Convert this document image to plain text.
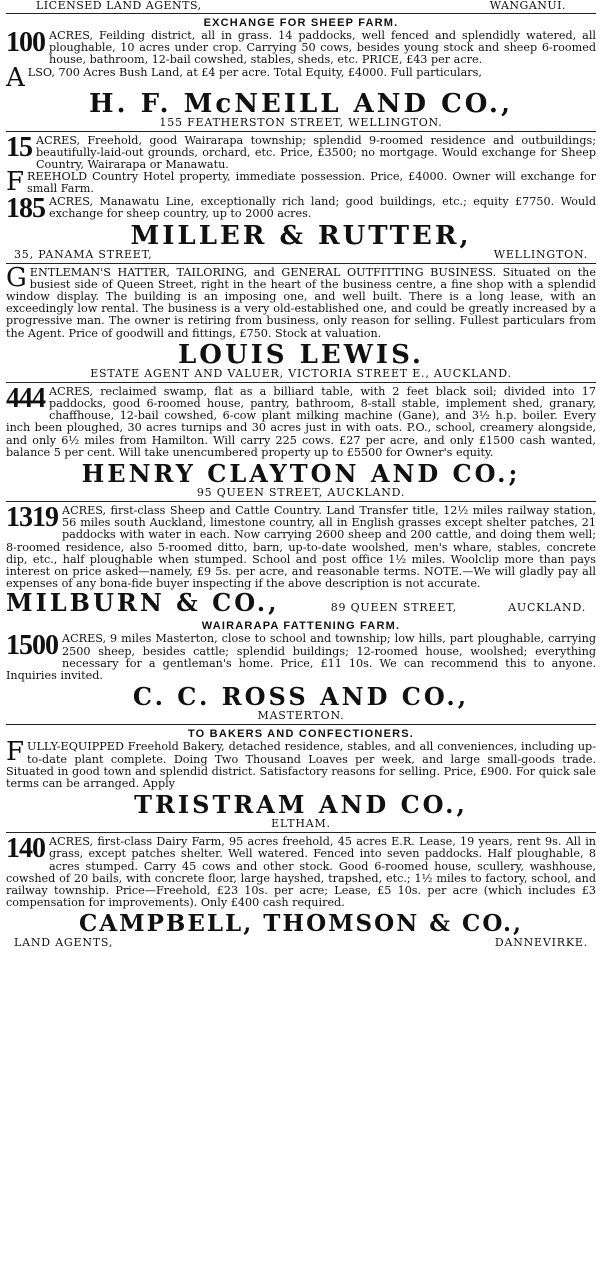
LICENSED LAND AGENTS,	WANGANUI.
EXCHANGE FOR SHEEP FARM.
100 ACRES, Feilding district, all in grass. 14 paddocks, well fenced and splendidly watered, all ploughable, 10 acres under crop. Carrying 50 cows, besides young stock and sheep 6-roomed house, bathroom, 12-bail cowshed, stables, sheds, etc. PRICE, £43 per acre.
A LSO, 700 Acres Bush Land, at £4 per acre. Total Equity, £4000. Full particulars,
H. F. McNEILL AND CO.,
155 FEATHERSTON STREET, WELLINGTON.
15 ACRES, Freehold, good Wairarapa township; splendid 9-roomed residence and outbuildings; beautifully-laid-out grounds, orchard, etc. Price, £3500; no mortgage. Would exchange for Sheep Country, Wairarapa or Manawatu.
F REEHOLD Country Hotel property, immediate possession. Price, £4000. Owner will exchange for small Farm.
185 ACRES, Manawatu Line, exceptionally rich land; good buildings, etc.; equity £7750. Would exchange for sheep country, up to 2000 acres.
MILLER & RUTTER,
35, PANAMA STREET,	WELLINGTON.
G ENTLEMAN'S HATTER, TAILORING, and GENERAL OUTFITTING BUSINESS. Situated on the busiest side of Queen Street, right in the heart of the business centre, a fine shop with a splendid window display. The building is an imposing one, and well built. There is a long lease, with an exceedingly low rental. The business is a very old-established one, and could be greatly increased by a progressive man. The owner is retiring from business, only reason for selling. Fullest particulars from the Agent. Price of goodwill and fittings, £750. Stock at valuation.
LOUIS LEWIS.
ESTATE AGENT AND VALUER, VICTORIA STREET E., AUCKLAND.
444 ACRES, reclaimed swamp, flat as a billiard table, with 2 feet black soil; divided into 17 paddocks, good 6-roomed house, pantry, bathroom, 8-stall stable, implement shed, granary, chaffhouse, 12-bail cowshed, 6-cow plant milking machine (Gane), and 3½ h.p. boiler. Every inch been ploughed, 30 acres turnips and 30 acres just in with oats. P.O., school, creamery alongside, and only 6½ miles from Hamilton. Will carry 225 cows. £27 per acre, and only £1500 cash wanted, balance 5 per cent. Will take unencumbered property up to £5500 for Owner's equity.
HENRY CLAYTON AND CO.;
95 QUEEN STREET, AUCKLAND.
1319 ACRES, first-class Sheep and Cattle Country. Land Transfer title, 12½ miles railway station, 56 miles south Auckland, limestone country, all in English grasses except shelter patches, 21 paddocks with water in each. Now carrying 2600 sheep and 200 cattle, and doing them well; 8-roomed residence, also 5-roomed ditto, barn, up-to-date woolshed, men's whare, stables, concrete dip, etc., half ploughable when stumped. School and post office 1½ miles. Woolclip more than pays interest on price asked—namely, £9 5s. per acre, and reasonable terms. NOTE.—We will gladly pay all expenses of any bona-fide buyer inspecting if the above description is not accurate.
MILBURN & CO.,	89 QUEEN STREET,	AUCKLAND.
WAIRARAPA FATTENING FARM.
1500 ACRES, 9 miles Masterton, close to school and township; low hills, part ploughable, carrying 2500 sheep, besides cattle; splendid buildings; 12-roomed house, woolshed; everything necessary for a gentleman's home. Price, £11 10s. We can recommend this to anyone. Inquiries invited.
C. C. ROSS AND CO.,
MASTERTON.
TO BAKERS AND CONFECTIONERS.
F ULLY-EQUIPPED Freehold Bakery, detached residence, stables, and all conveniences, including up-to-date plant complete. Doing Two Thousand Loaves per week, and large small-goods trade. Situated in good town and splendid district. Satisfactory reasons for selling. Price, £900. For quick sale terms can be arranged. Apply
TRISTRAM AND CO.,
ELTHAM.
140 ACRES, first-class Dairy Farm, 95 acres freehold, 45 acres E.R. Lease, 19 years, rent 9s. All in grass, except patches shelter. Well watered. Fenced into seven paddocks. Half ploughable, 8 acres stumped. Carry 45 cows and other stock. Good 6-roomed house, scullery, washhouse, cowshed of 20 bails, with concrete floor, large hayshed, trapshed, etc.; 1½ miles to factory, school, and railway township. Price—Freehold, £23 10s. per acre; Lease, £5 10s. per acre (which includes £3 compensation for improvements). Only £400 cash required.
CAMPBELL, THOMSON & CO.,
LAND AGENTS,	DANNEVIRKE.
